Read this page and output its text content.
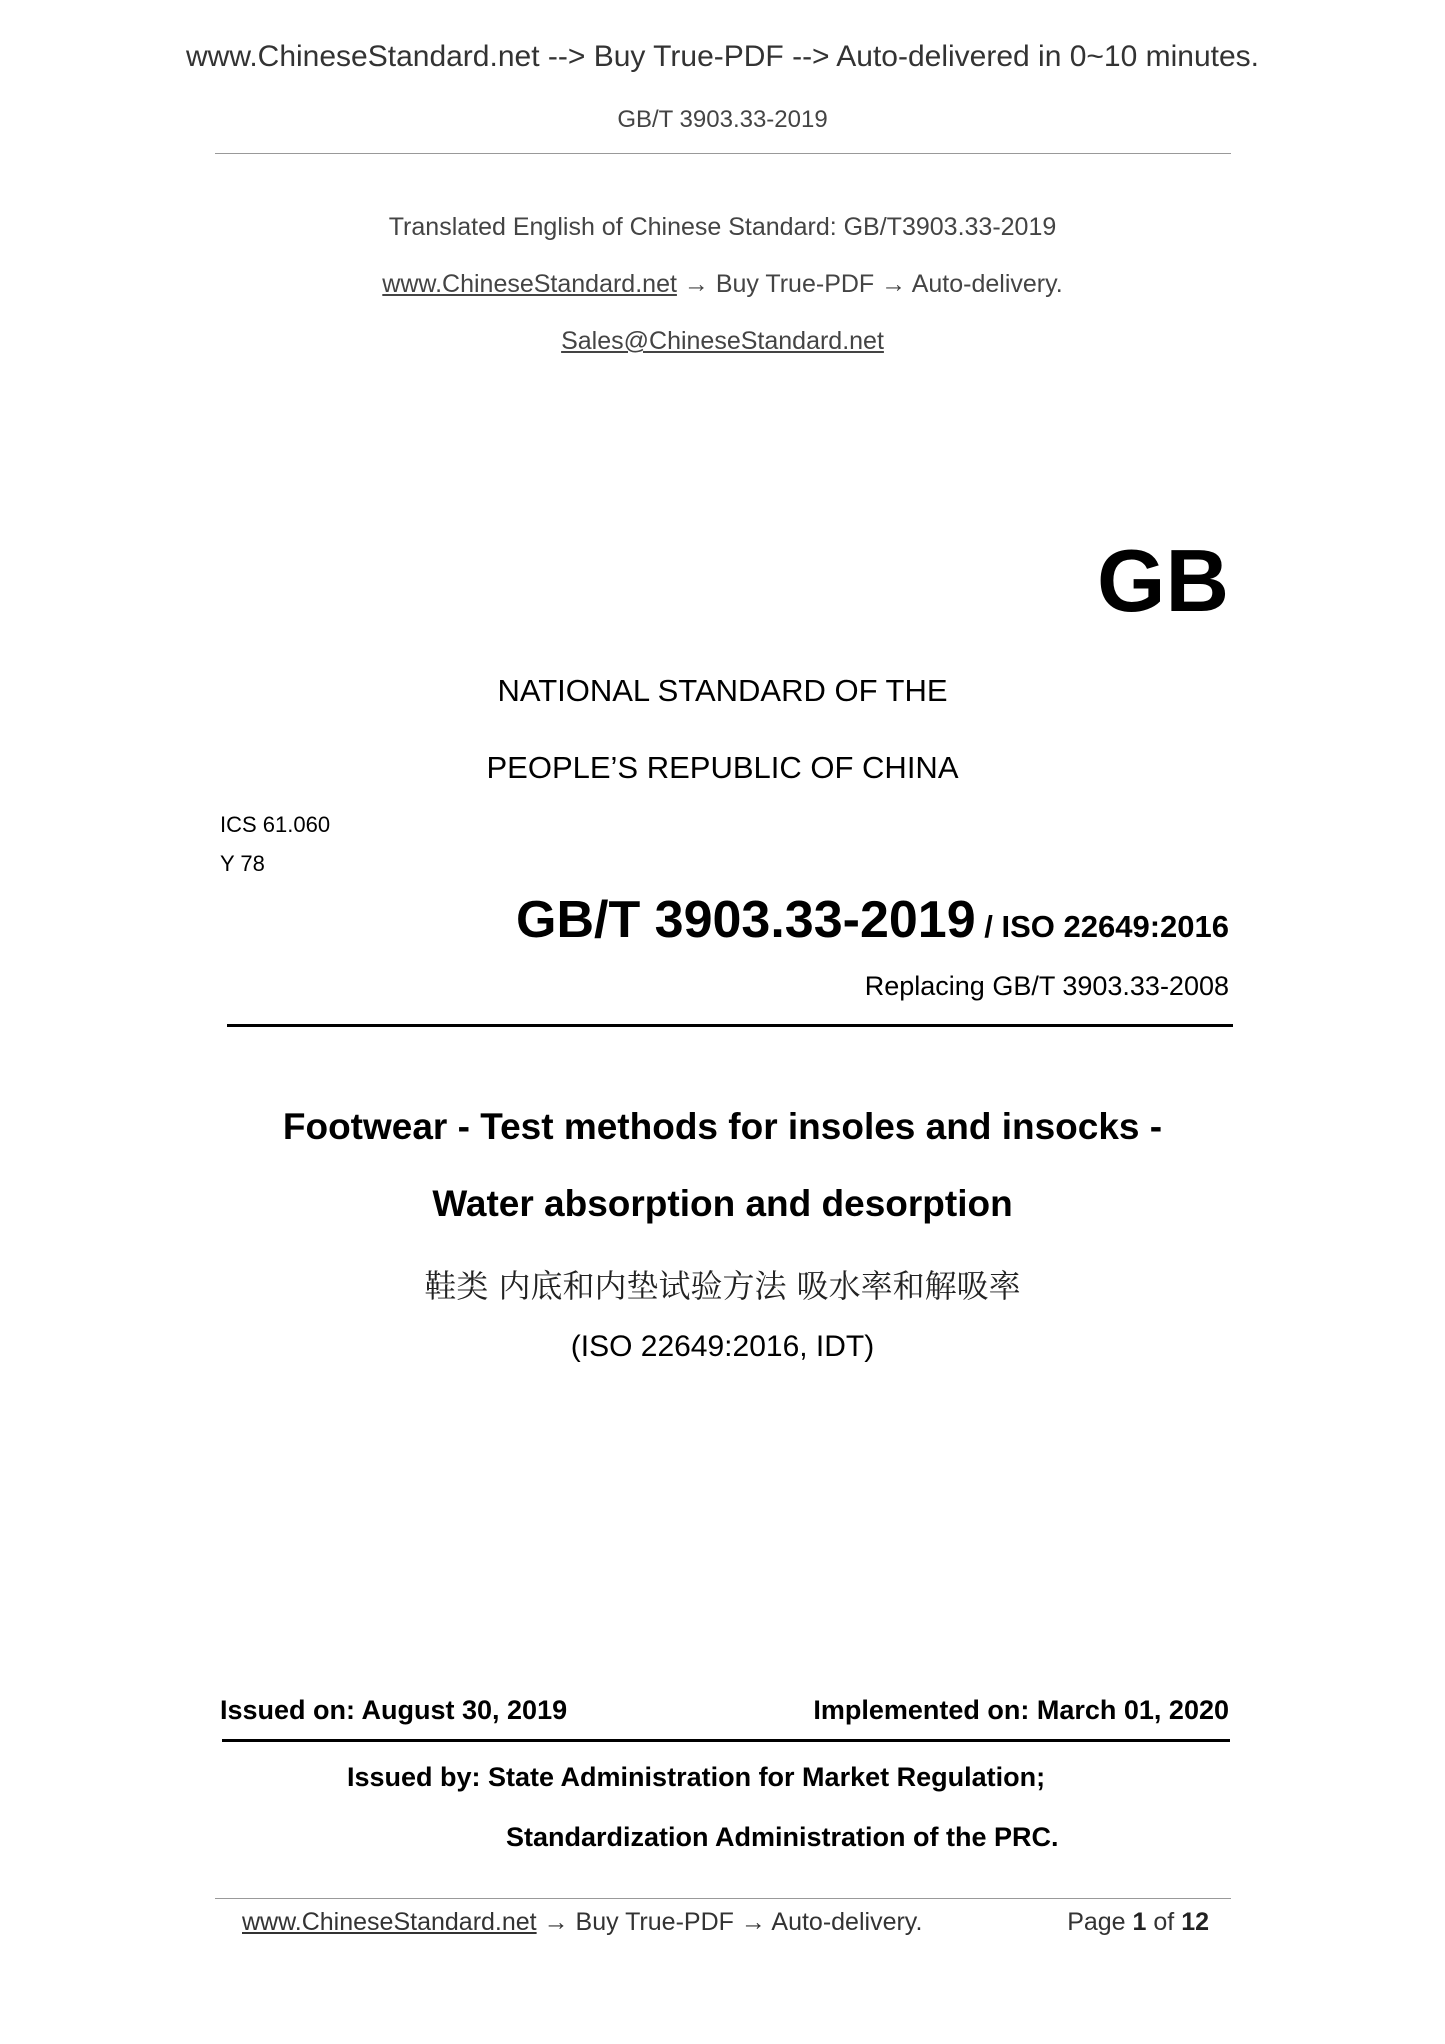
www.ChineseStandard.net --> Buy True-PDF --> Auto-delivered in 0~10 minutes.
GB/T 3903.33-2019
Translated English of Chinese Standard: GB/T3903.33-2019
www.ChineseStandard.net → Buy True-PDF → Auto-delivery.
Sales@ChineseStandard.net
GB
NATIONAL STANDARD OF THE
PEOPLE’S REPUBLIC OF CHINA
ICS 61.060
Y 78
GB/T 3903.33-2019 / ISO 22649:2016
Replacing GB/T 3903.33-2008
Footwear - Test methods for insoles and insocks -
Water absorption and desorption
鞋类 内底和内垫试验方法 吸水率和解吸率
(ISO 22649:2016, IDT)
Issued on: August 30, 2019	Implemented on: March 01, 2020
Issued by: State Administration for Market Regulation;
Standardization Administration of the PRC.
www.ChineseStandard.net → Buy True-PDF → Auto-delivery.	Page 1 of 12
